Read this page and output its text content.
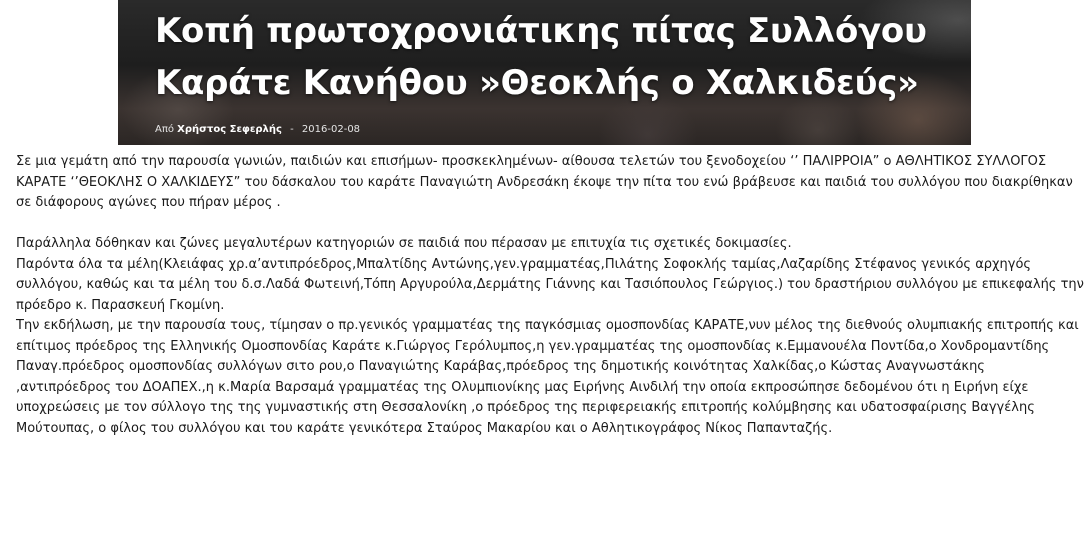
Κοπή πρωτοχρονιάτικης πίτας Συλλόγου
Καράτε Κανήθου »Θεοκλής ο Χαλκιδεύς»
Από Χρήστος Σεφερλής - 2016-02-08

Σε μια γεμάτη από την παρουσία γωνιών, παιδιών και επισήμων- προσκεκλημένων- αίθουσα τελετών του ξενοδοχείου ‘’ ΠΑΛΙΡΡΟΙΑ” ο ΑΘΛΗΤΙΚΟΣ ΣΥΛΛΟΓΟΣ ΚΑΡΑΤΕ ‘’ΘΕΟΚΛΗΣ Ο ΧΑΛΚΙΔΕΥΣ” του δάσκαλου του καράτε Παναγιώτη Ανδρεσάκη έκοψε την πίτα του ενώ βράβευσε και παιδιά του συλλόγου που διακρίθηκαν σε διάφορους αγώνες που πήραν μέρος .

Παράλληλα δόθηκαν και ζώνες μεγαλυτέρων κατηγοριών σε παιδιά που πέρασαν με επιτυχία τις σχετικές δοκιμασίες.

Παρόντα όλα τα μέλη(Κλειάφας χρ.α’αντιπρόεδρος,Μπαλτίδης Αντώνης,γεν.γραμματέας,Πιλάτης Σοφοκλής ταμίας,Λαζαρίδης Στέφανος γενικός αρχηγός συλλόγου, καθώς και τα μέλη του δ.σ.Λαδά Φωτεινή,Τόπη Αργυρούλα,Δερμάτης Γιάννης και Τασιόπουλος Γεώργιος.) του δραστήριου συλλόγου με επικεφαλής την πρόεδρο κ. Παρασκευή Γκομίνη.

Την εκδήλωση, με την παρουσία τους, τίμησαν ο πρ.γενικός γραμματέας της παγκόσμιας ομοσπονδίας ΚΑΡΑΤΕ,νυν μέλος της διεθνούς ολυμπιακής επιτροπής και επίτιμος πρόεδρος της Ελληνικής Ομοσπονδίας Καράτε κ.Γιώργος Γερόλυμπος,η γεν.γραμματέας της ομοσπονδίας κ.Εμμανουέλα Ποντίδα,ο Χονδρομαντίδης Παναγ.πρόεδρος ομοσπονδίας συλλόγων σιτο ρου,ο Παναγιώτης Καράβας,πρόεδρος της δημοτικής κοινότητας Χαλκίδας,ο Κώστας Αναγνωστάκης ,αντιπρόεδρος του ΔΟΑΠΕΧ.,η κ.Μαρία Βαρσαμά γραμματέας της Ολυμπιονίκης μας Ειρήνης Αινδιλή την οποία εκπροσώπησε δεδομένου ότι η Ειρήνη είχε υποχρεώσεις με τον σύλλογο της της γυμναστικής στη Θεσσαλονίκη ,ο πρόεδρος της περιφερειακής επιτροπής κολύμβησης και υδατοσφαίρισης Βαγγέλης Μούτουπας, ο φίλος του συλλόγου και του καράτε γενικότερα Σταύρος Μακαρίου και ο Αθλητικογράφος Νίκος Παπανταζής.
